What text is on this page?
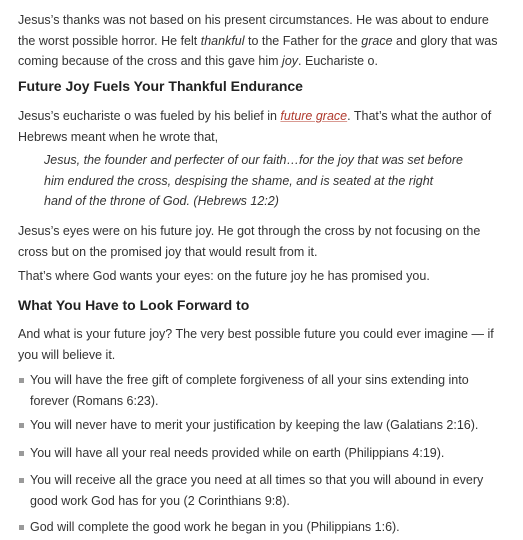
Jesus’s thanks was not based on his present circumstances. He was about to endure the worst possible horror. He felt thankful to the Father for the grace and glory that was coming because of the cross and this gave him joy. Euchariste o.

Future Joy Fuels Your Thankful Endurance

Jesus’s euchariste o was fueled by his belief in future grace. That’s what the author of Hebrews meant when he wrote that,

Jesus, the founder and perfecter of our faith…for the joy that was set before him endured the cross, despising the shame, and is seated at the right hand of the throne of God. (Hebrews 12:2)

Jesus’s eyes were on his future joy. He got through the cross by not focusing on the cross but on the promised joy that would result from it.

That’s where God wants your eyes: on the future joy he has promised you.

What You Have to Look Forward to

And what is your future joy? The very best possible future you could ever imagine — if you will believe it.

You will have the free gift of complete forgiveness of all your sins extending into forever (Romans 6:23).
You will never have to merit your justification by keeping the law (Galatians 2:16).
You will have all your real needs provided while on earth (Philippians 4:19).
You will receive all the grace you need at all times so that you will abound in every good work God has for you (2 Corinthians 9:8).
God will complete the good work he began in you (Philippians 1:6).
